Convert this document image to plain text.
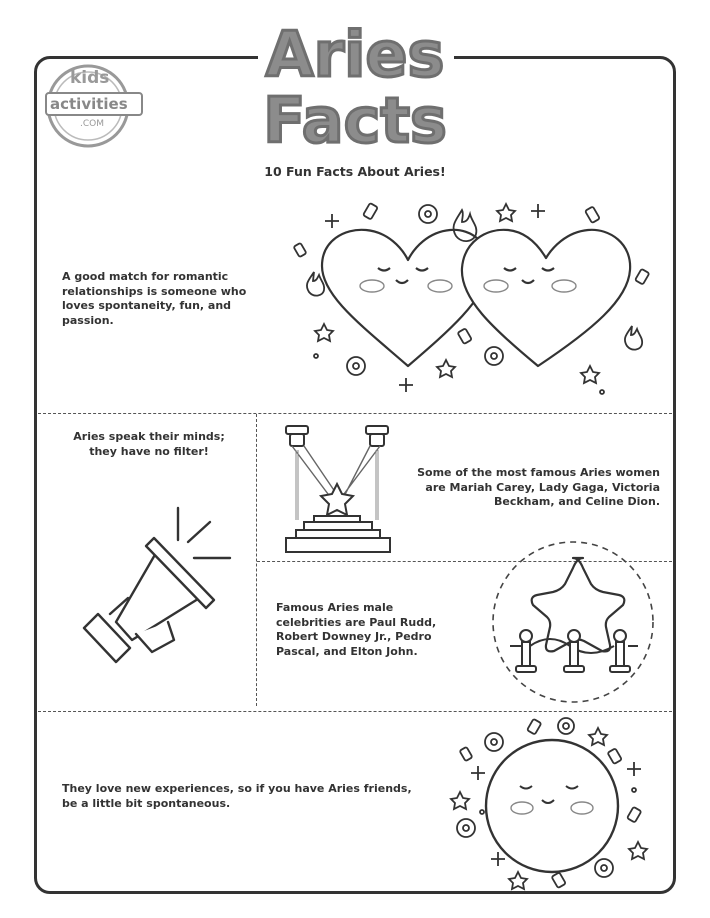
Aries
Facts
10 Fun Facts About Aries!
kids
activities
.COM
A good match for romantic relationships is someone who loves spontaneity, fun, and passion.
Aries speak their minds; they have no filter!
Some of the most famous Aries women are Mariah Carey, Lady Gaga, Victoria Beckham, and Celine Dion.
Famous Aries male celebrities are Paul Rudd, Robert Downey Jr., Pedro Pascal, and Elton John.
They love new experiences, so if you have Aries friends, be a little bit spontaneous.
